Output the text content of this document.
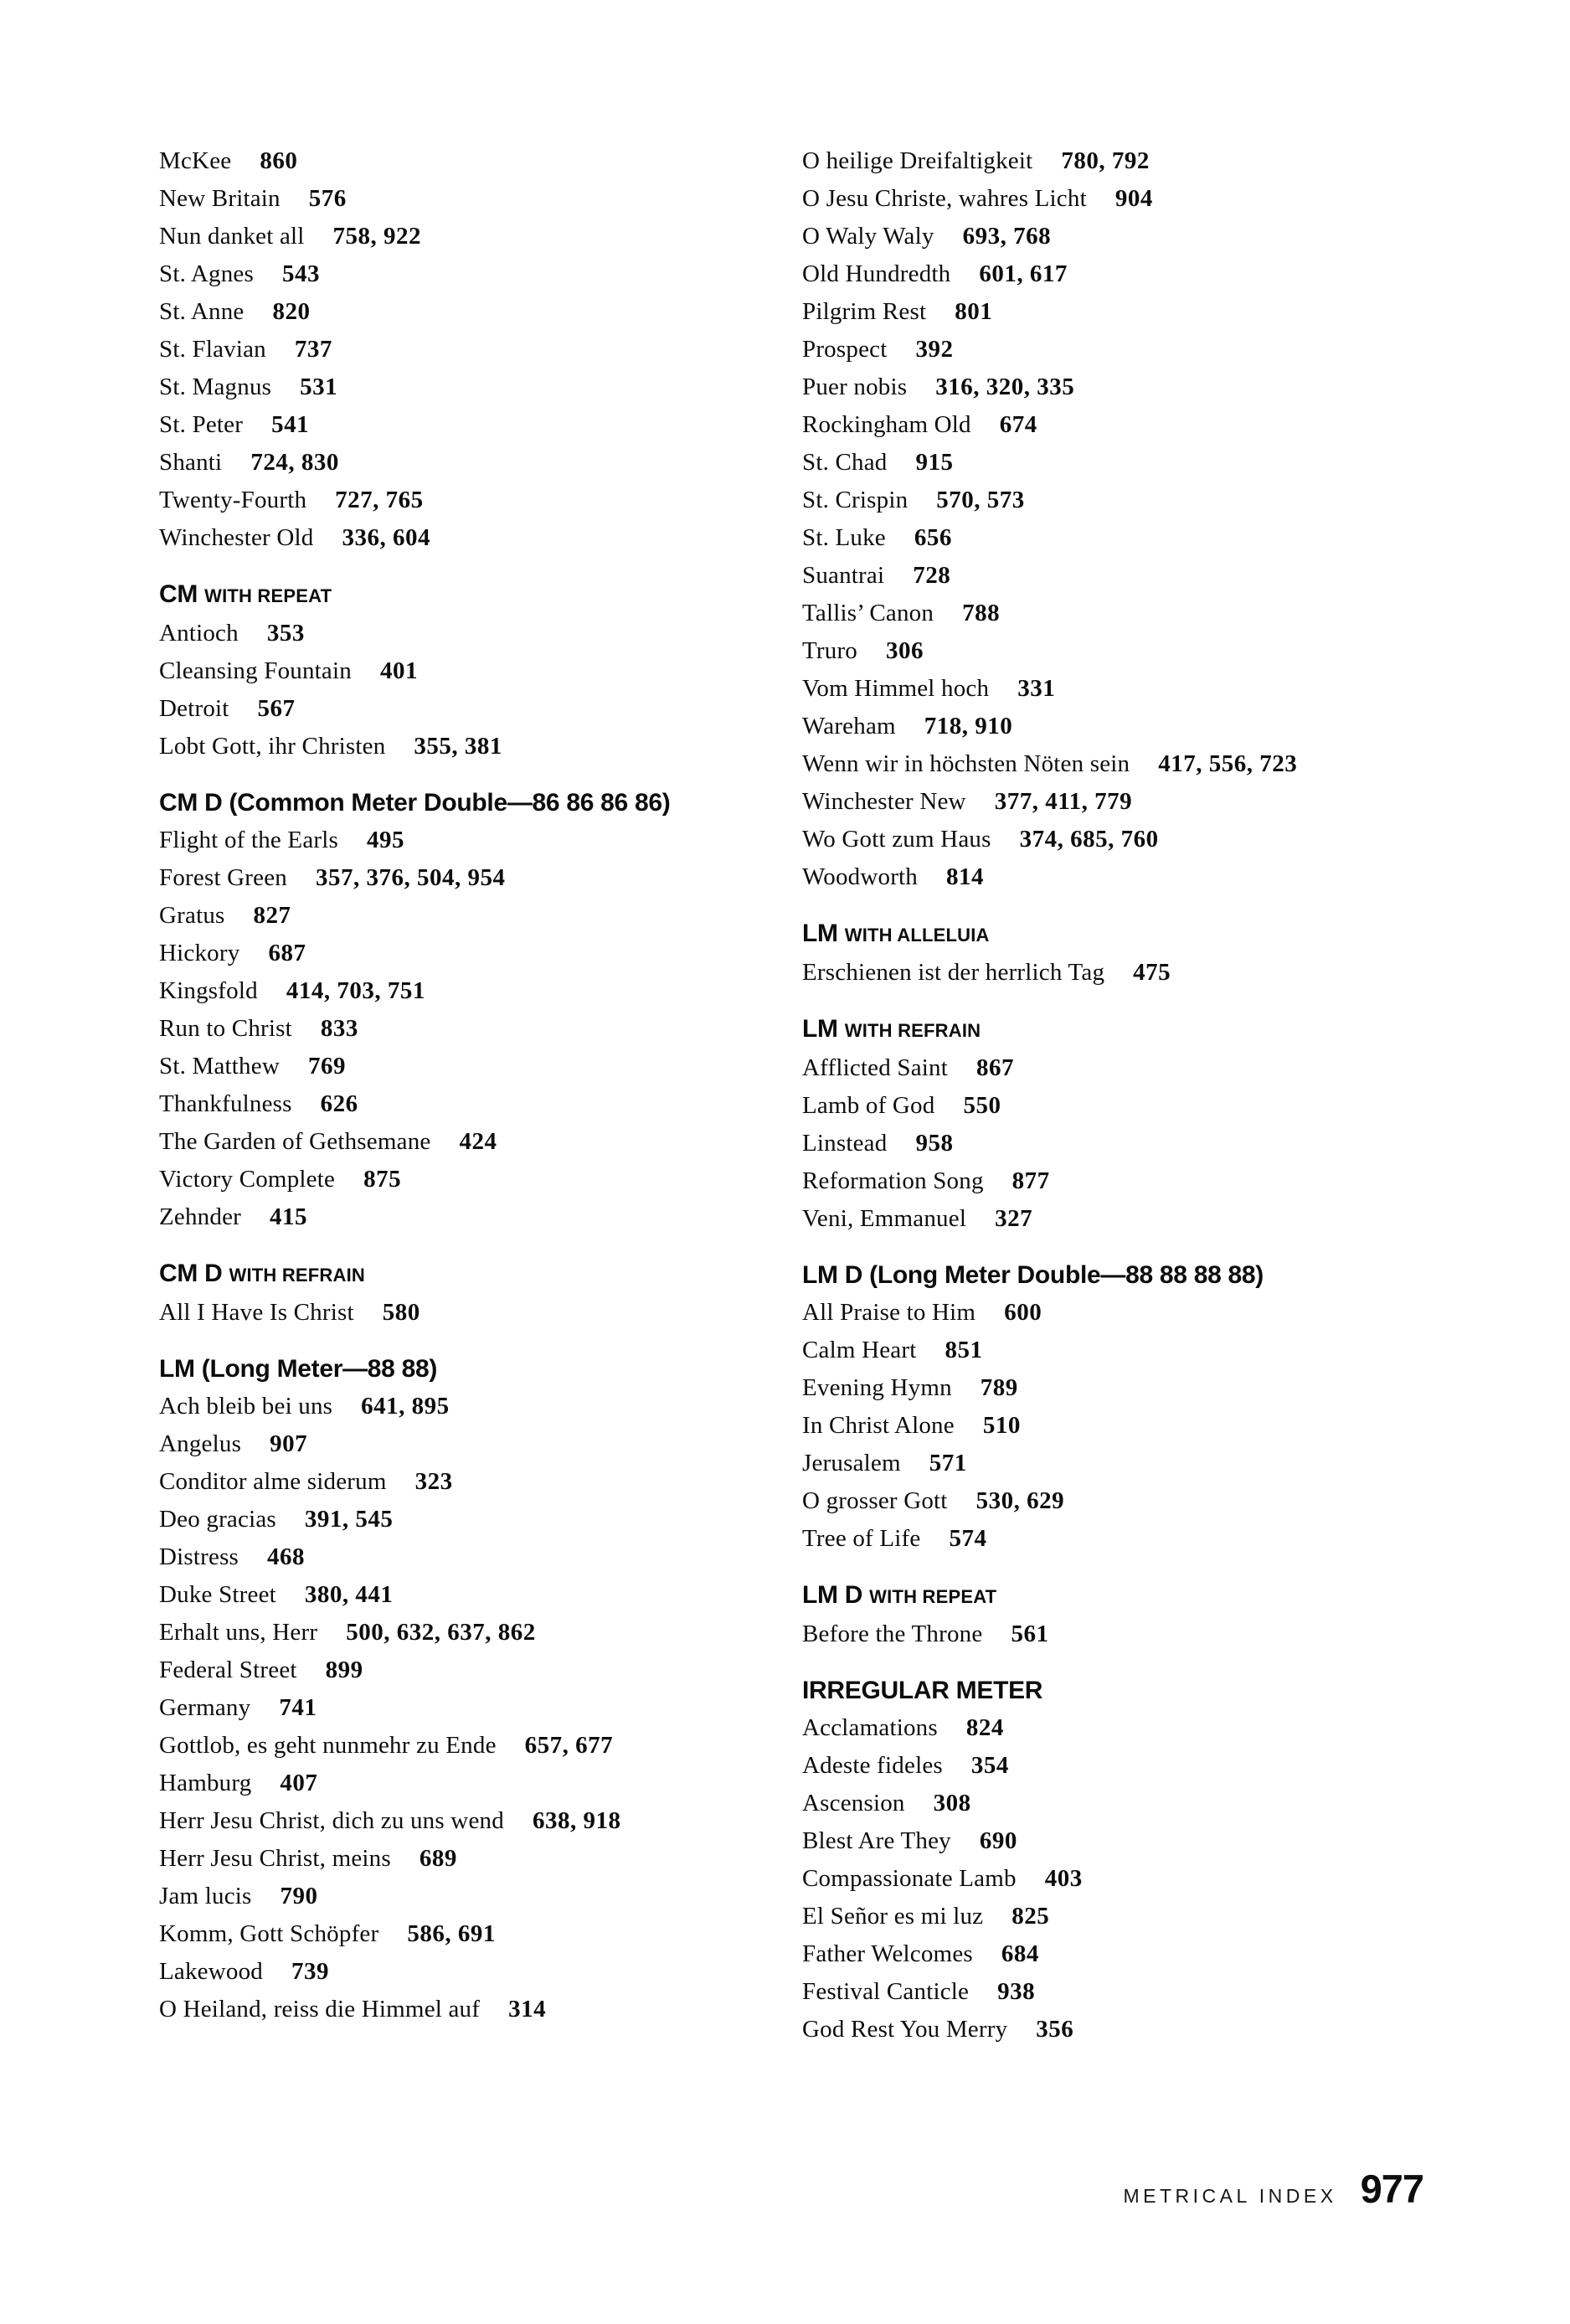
McKee 860
New Britain 576
Nun danket all 758, 922
St. Agnes 543
St. Anne 820
St. Flavian 737
St. Magnus 531
St. Peter 541
Shanti 724, 830
Twenty-Fourth 727, 765
Winchester Old 336, 604
CM WITH REPEAT
Antioch 353
Cleansing Fountain 401
Detroit 567
Lobt Gott, ihr Christen 355, 381
CM D (Common Meter Double—86 86 86 86)
Flight of the Earls 495
Forest Green 357, 376, 504, 954
Gratus 827
Hickory 687
Kingsfold 414, 703, 751
Run to Christ 833
St. Matthew 769
Thankfulness 626
The Garden of Gethsemane 424
Victory Complete 875
Zehnder 415
CM D WITH REFRAIN
All I Have Is Christ 580
LM (Long Meter—88 88)
Ach bleib bei uns 641, 895
Angelus 907
Conditor alme siderum 323
Deo gracias 391, 545
Distress 468
Duke Street 380, 441
Erhalt uns, Herr 500, 632, 637, 862
Federal Street 899
Germany 741
Gottlob, es geht nunmehr zu Ende 657, 677
Hamburg 407
Herr Jesu Christ, dich zu uns wend 638, 918
Herr Jesu Christ, meins 689
Jam lucis 790
Komm, Gott Schöpfer 586, 691
Lakewood 739
O Heiland, reiss die Himmel auf 314
O heilige Dreifaltigkeit 780, 792
O Jesu Christe, wahres Licht 904
O Waly Waly 693, 768
Old Hundredth 601, 617
Pilgrim Rest 801
Prospect 392
Puer nobis 316, 320, 335
Rockingham Old 674
St. Chad 915
St. Crispin 570, 573
St. Luke 656
Suantrai 728
Tallis’ Canon 788
Truro 306
Vom Himmel hoch 331
Wareham 718, 910
Wenn wir in höchsten Nöten sein 417, 556, 723
Winchester New 377, 411, 779
Wo Gott zum Haus 374, 685, 760
Woodworth 814
LM WITH ALLELUIA
Erschienen ist der herrlich Tag 475
LM WITH REFRAIN
Afflicted Saint 867
Lamb of God 550
Linstead 958
Reformation Song 877
Veni, Emmanuel 327
LM D (Long Meter Double—88 88 88 88)
All Praise to Him 600
Calm Heart 851
Evening Hymn 789
In Christ Alone 510
Jerusalem 571
O grosser Gott 530, 629
Tree of Life 574
LM D WITH REPEAT
Before the Throne 561
IRREGULAR METER
Acclamations 824
Adeste fideles 354
Ascension 308
Blest Are They 690
Compassionate Lamb 403
El Señor es mi luz 825
Father Welcomes 684
Festival Canticle 938
God Rest You Merry 356
METRICAL INDEX 977
